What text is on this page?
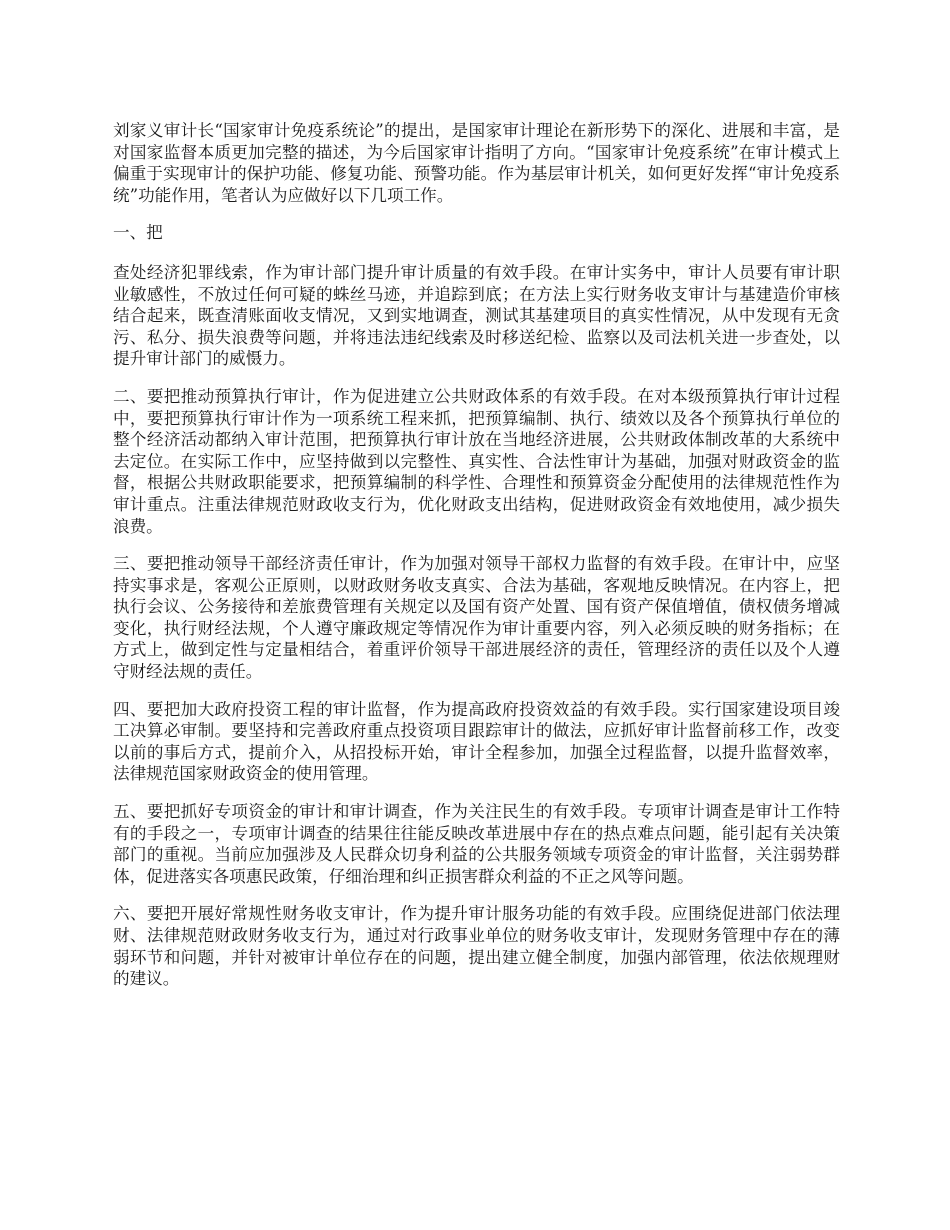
刘家义审计长“国家审计免疫系统论”的提出，是国家审计理论在新形势下的深化、进展和丰富，是对国家监督本质更加完整的描述，为今后国家审计指明了方向。“国家审计免疫系统”在审计模式上偏重于实现审计的保护功能、修复功能、预警功能。作为基层审计机关，如何更好发挥“审计免疫系统”功能作用，笔者认为应做好以下几项工作。

一、把

查处经济犯罪线索，作为审计部门提升审计质量的有效手段。在审计实务中，审计人员要有审计职业敏感性，不放过任何可疑的蛛丝马迹，并追踪到底；在方法上实行财务收支审计与基建造价审核结合起来，既查清账面收支情况，又到实地调查，测试其基建项目的真实性情况，从中发现有无贪污、私分、损失浪费等问题，并将违法违纪线索及时移送纪检、监察以及司法机关进一步查处，以提升审计部门的威慑力。

二、要把推动预算执行审计，作为促进建立公共财政体系的有效手段。在对本级预算执行审计过程中，要把预算执行审计作为一项系统工程来抓，把预算编制、执行、绩效以及各个预算执行单位的整个经济活动都纳入审计范围，把预算执行审计放在当地经济进展，公共财政体制改革的大系统中去定位。在实际工作中，应坚持做到以完整性、真实性、合法性审计为基础，加强对财政资金的监督，根据公共财政职能要求，把预算编制的科学性、合理性和预算资金分配使用的法律规范性作为审计重点。注重法律规范财政收支行为，优化财政支出结构，促进财政资金有效地使用，减少损失浪费。

三、要把推动领导干部经济责任审计，作为加强对领导干部权力监督的有效手段。在审计中，应坚持实事求是，客观公正原则，以财政财务收支真实、合法为基础，客观地反映情况。在内容上，把执行会议、公务接待和差旅费管理有关规定以及国有资产处置、国有资产保值增值，债权债务增减变化，执行财经法规，个人遵守廉政规定等情况作为审计重要内容，列入必须反映的财务指标；在方式上，做到定性与定量相结合，着重评价领导干部进展经济的责任，管理经济的责任以及个人遵守财经法规的责任。

四、要把加大政府投资工程的审计监督，作为提高政府投资效益的有效手段。实行国家建设项目竣工决算必审制。要坚持和完善政府重点投资项目跟踪审计的做法，应抓好审计监督前移工作，改变以前的事后方式，提前介入，从招投标开始，审计全程参加，加强全过程监督，以提升监督效率，法律规范国家财政资金的使用管理。

五、要把抓好专项资金的审计和审计调查，作为关注民生的有效手段。专项审计调查是审计工作特有的手段之一，专项审计调查的结果往往能反映改革进展中存在的热点难点问题，能引起有关决策部门的重视。当前应加强涉及人民群众切身利益的公共服务领域专项资金的审计监督，关注弱势群体，促进落实各项惠民政策，仔细治理和纠正损害群众利益的不正之风等问题。

六、要把开展好常规性财务收支审计，作为提升审计服务功能的有效手段。应围绕促进部门依法理财、法律规范财政财务收支行为，通过对行政事业单位的财务收支审计，发现财务管理中存在的薄弱环节和问题，并针对被审计单位存在的问题，提出建立健全制度，加强内部管理，依法依规理财的建议。
